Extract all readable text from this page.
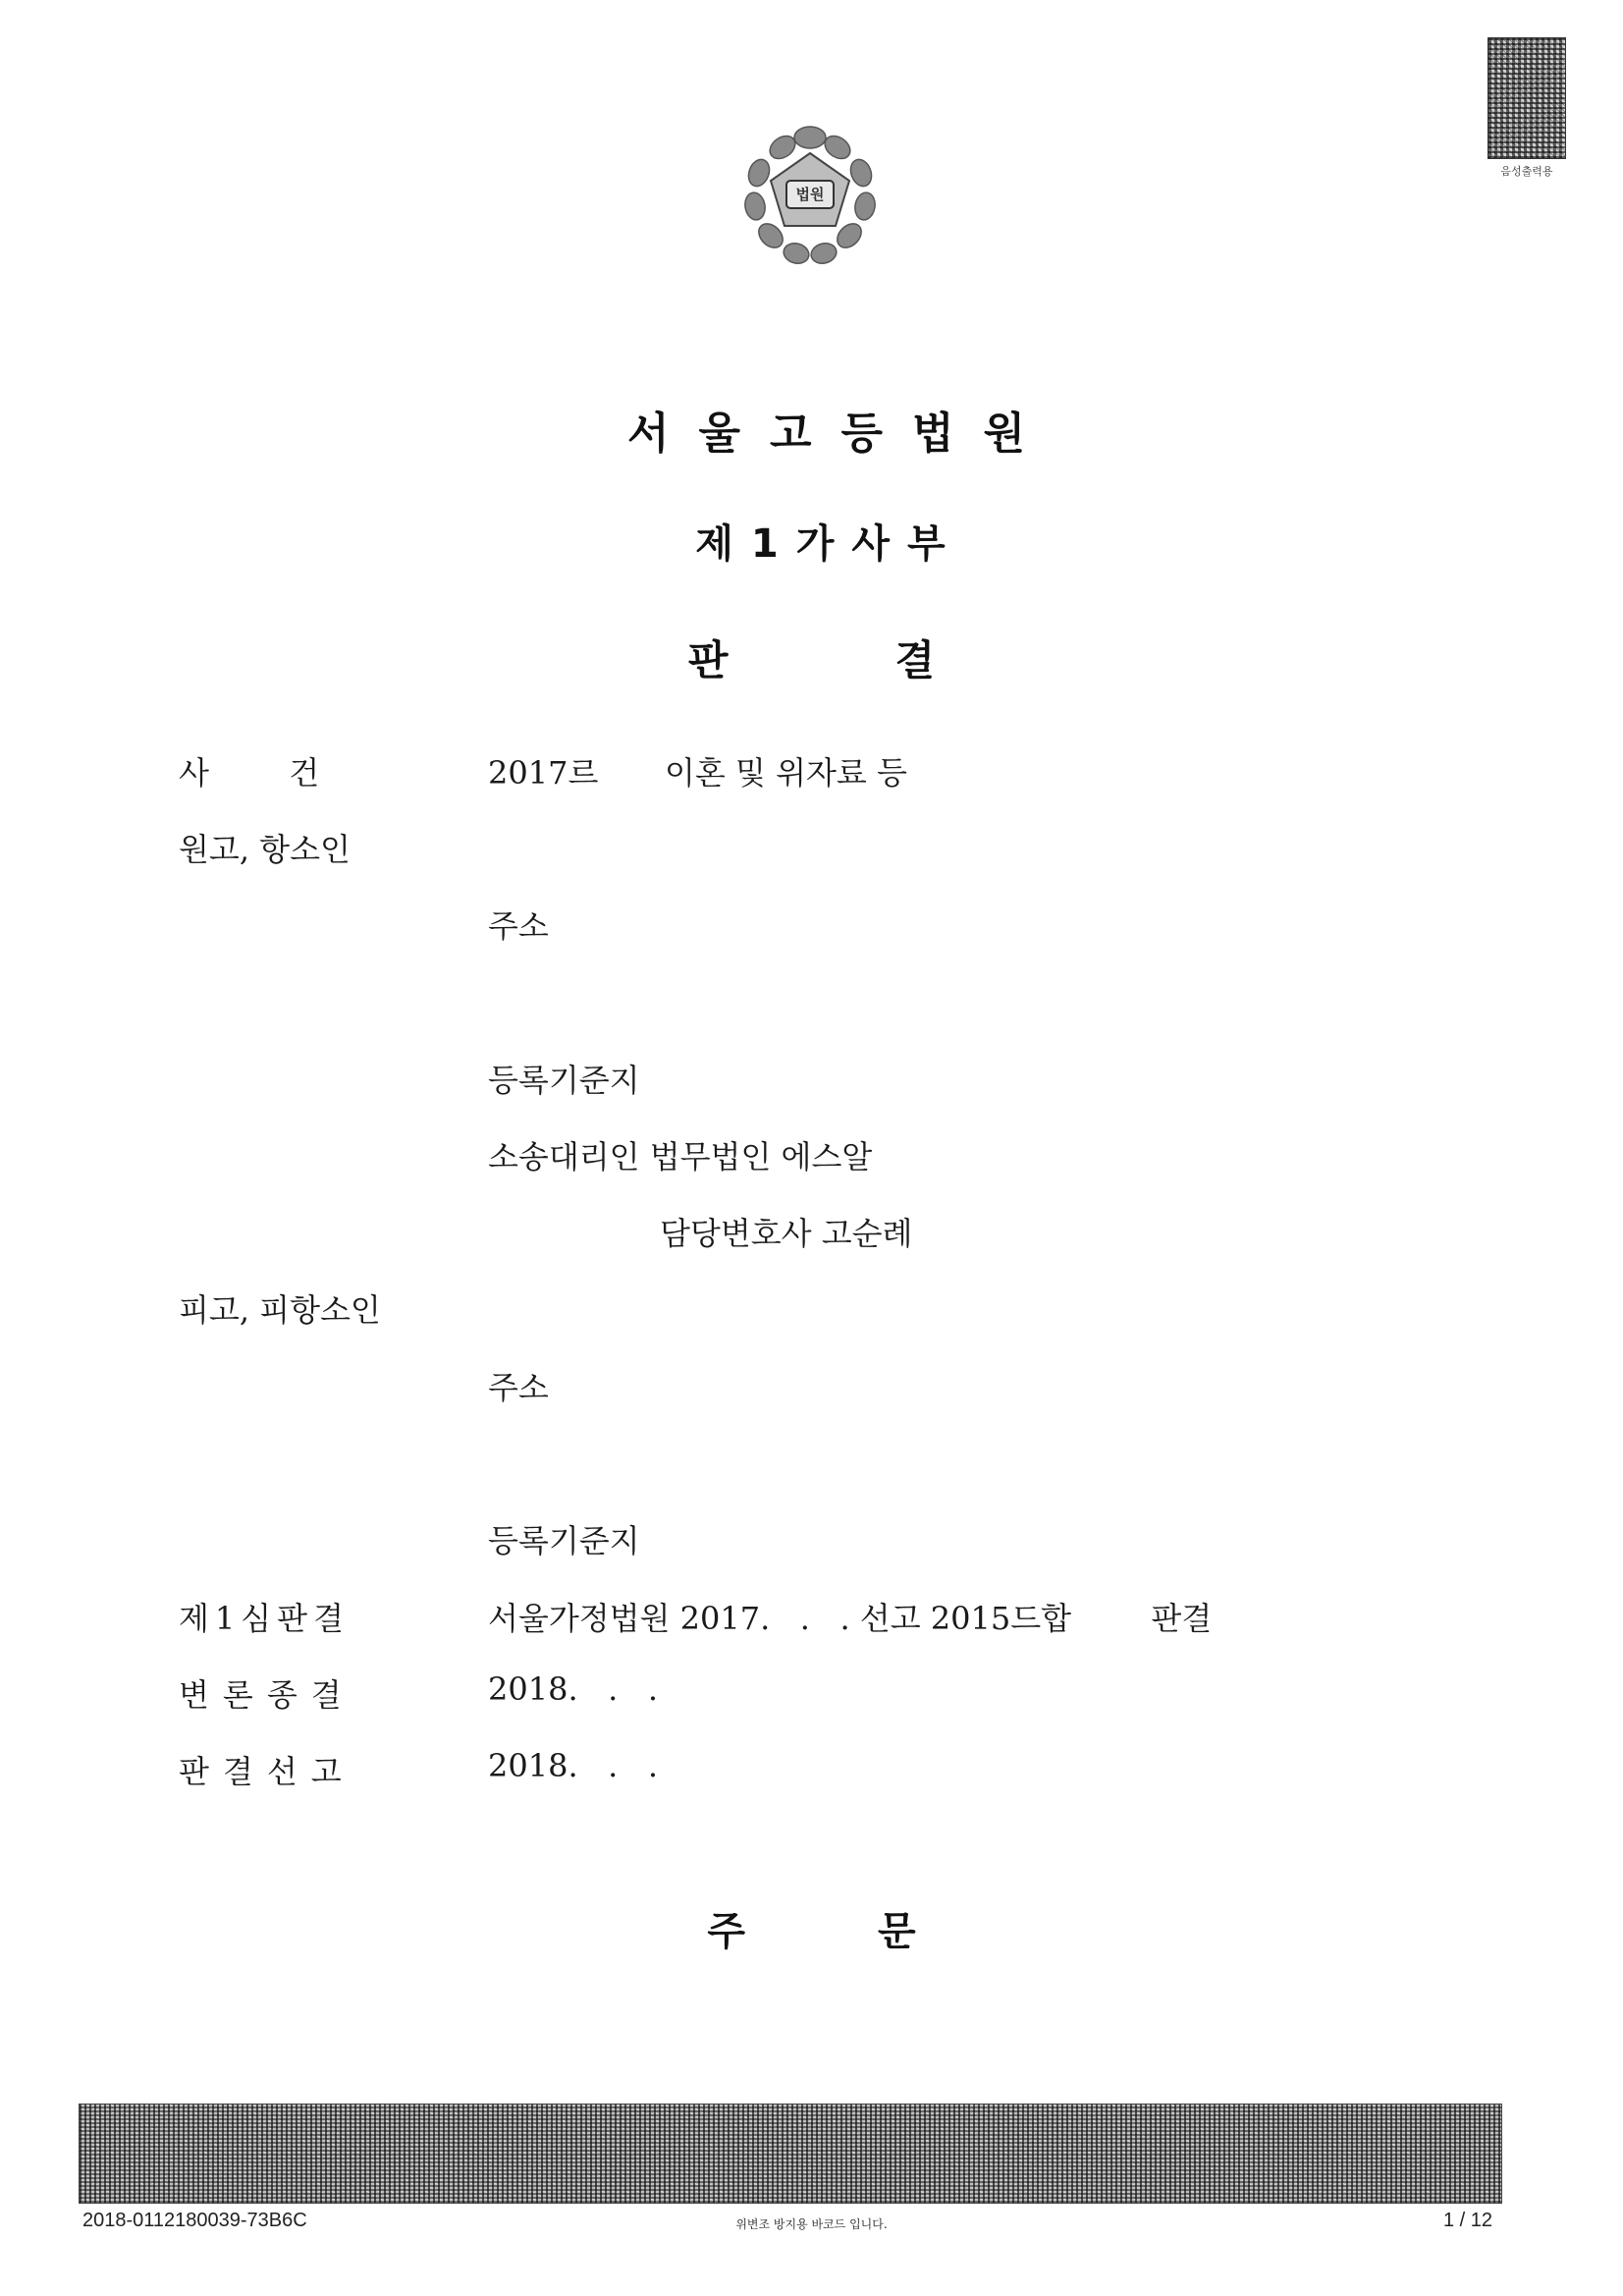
음성출력용
법원
서울고등법원
제1가사부
판	결
사        건	2017르 이혼 및 위자료 등
원고, 항소인
주소
등록기준지
소송대리인 법무법인 에스알
담당변호사 고순례
피고, 피항소인
주소
등록기준지
제1심판결	서울가정법원 2017.   .   . 선고 2015드합        판결
변론종결	2018.   .   .
판결선고	2018.   .   .
주	문
2018-0112180039-73B6C	위변조 방지용 바코드 입니다.	1 / 12
